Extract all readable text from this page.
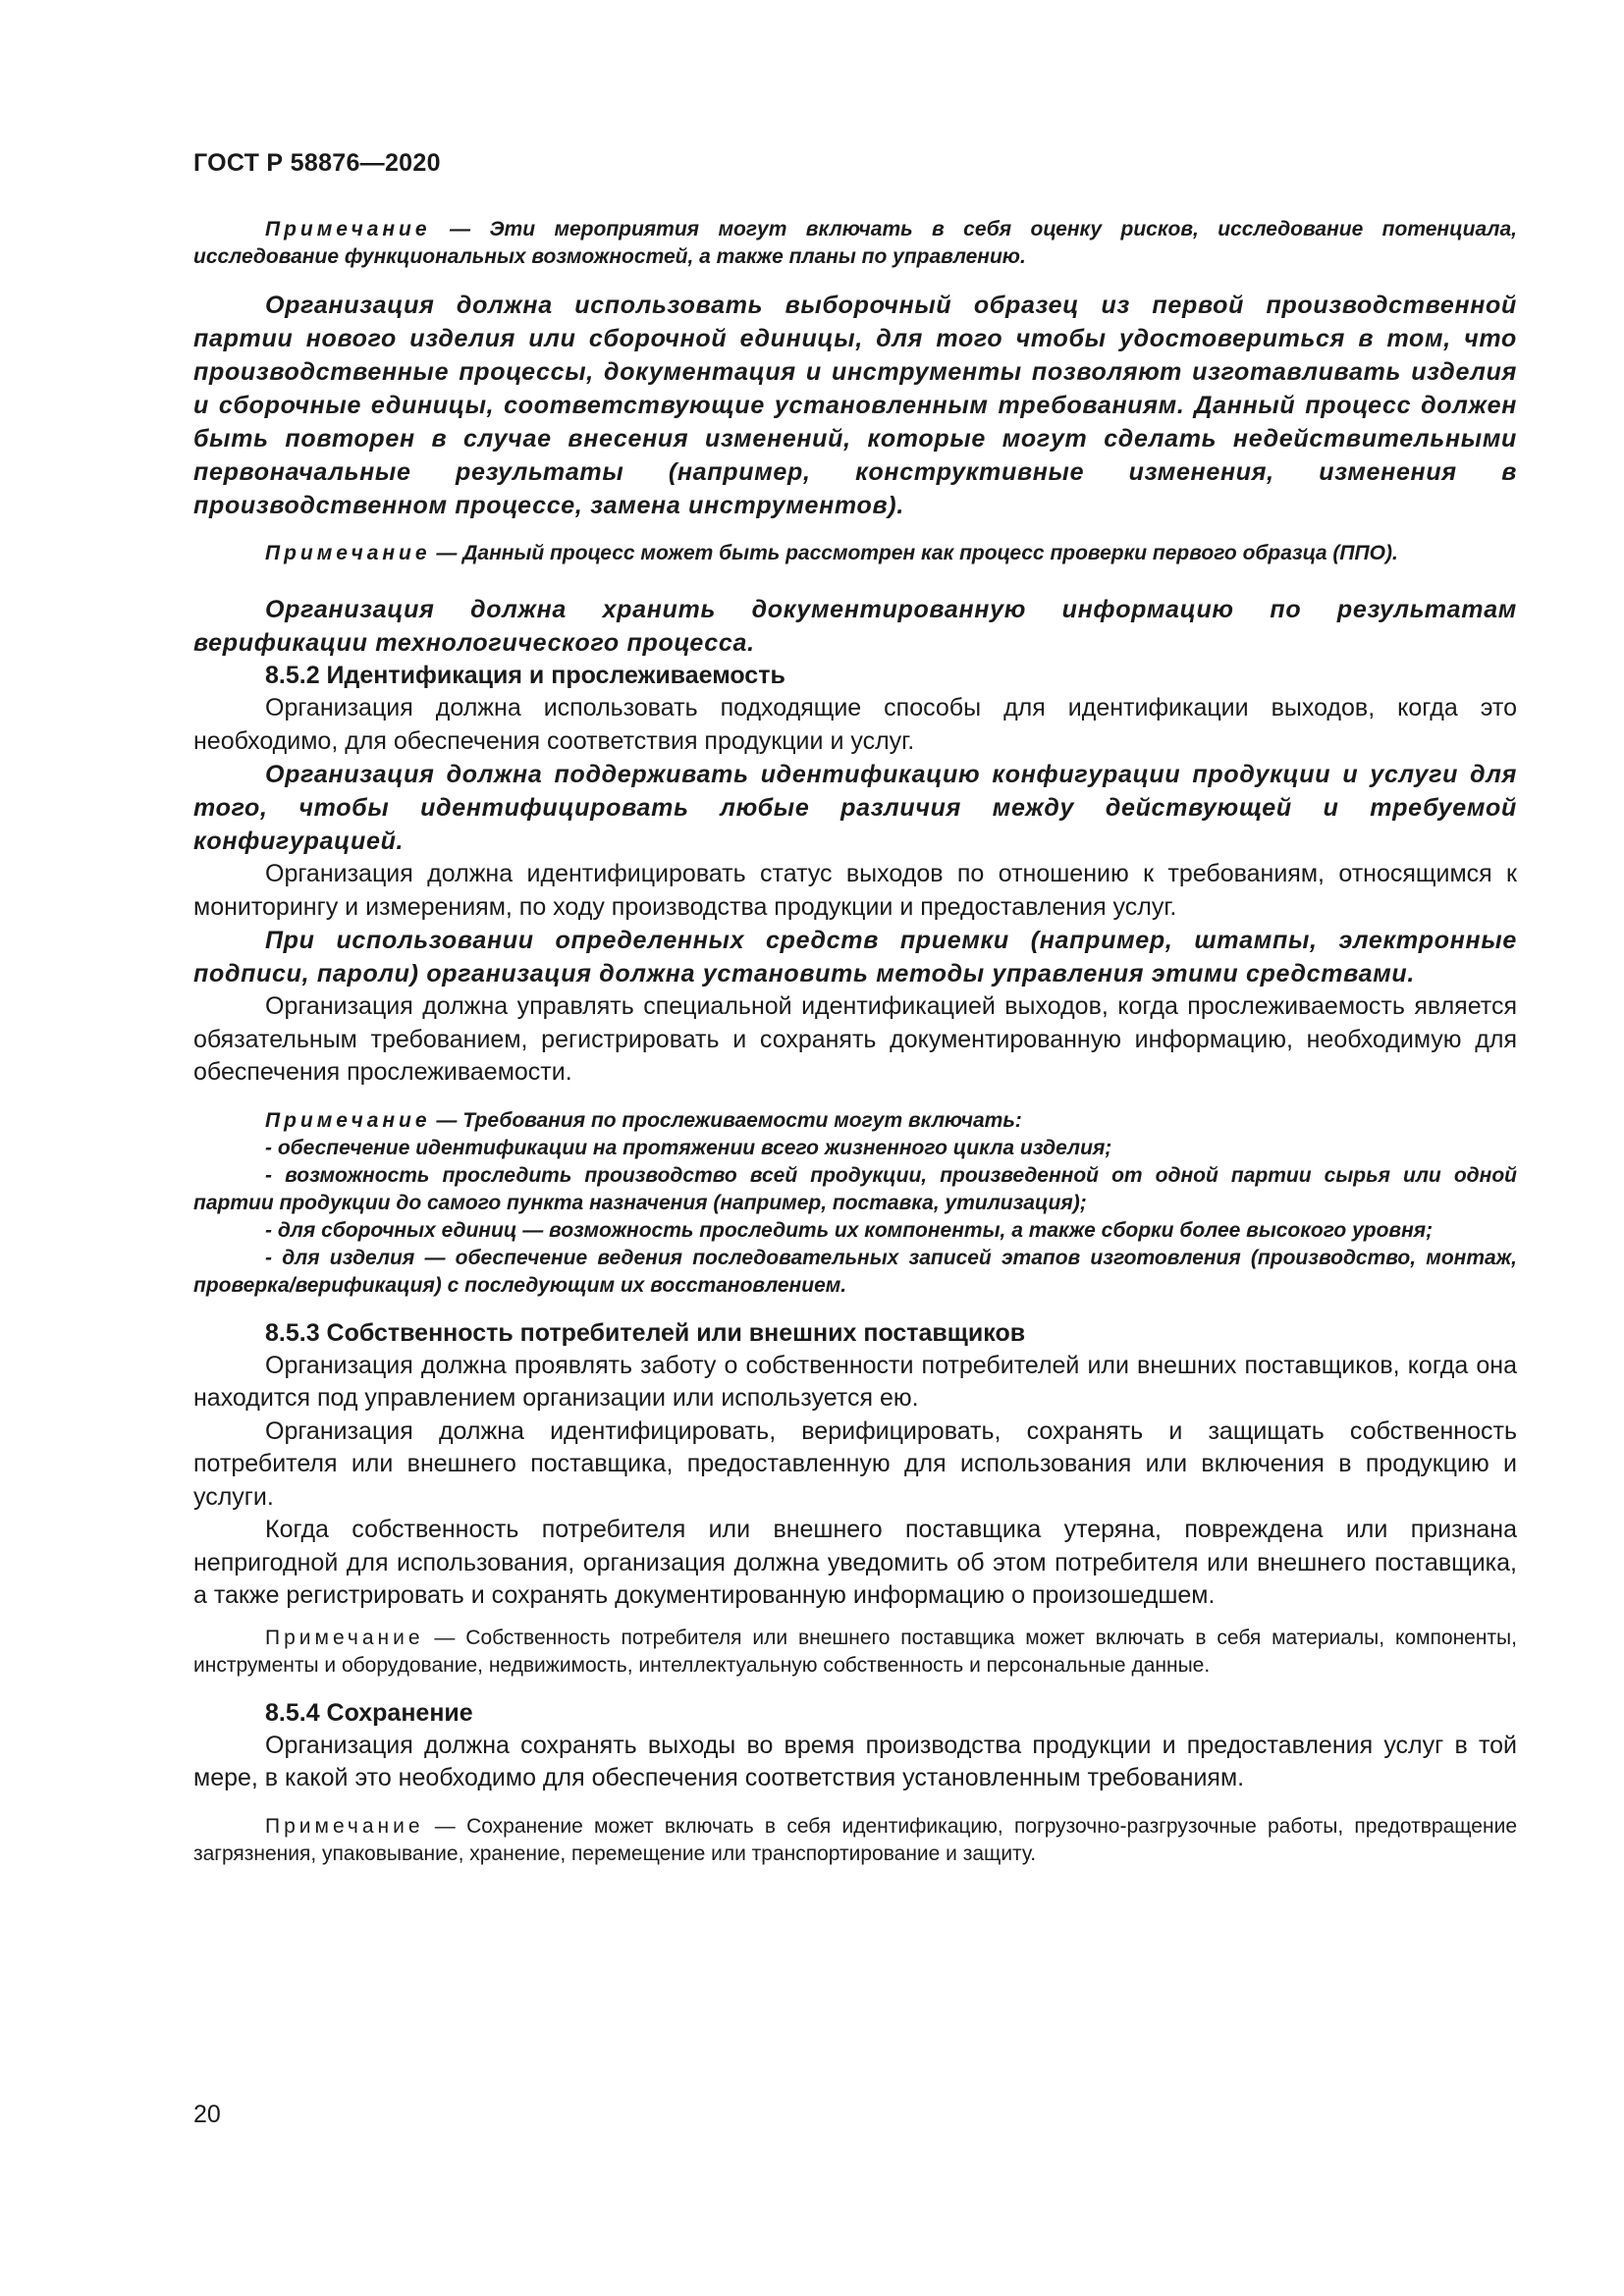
ГОСТ Р 58876—2020

Примечание — Эти мероприятия могут включать в себя оценку рисков, исследование потенциала, исследование функциональных возможностей, а также планы по управлению.

Организация должна использовать выборочный образец из первой производственной партии нового изделия или сборочной единицы, для того чтобы удостовериться в том, что производственные процессы, документация и инструменты позволяют изготавливать изделия и сборочные единицы, соответствующие установленным требованиям. Данный процесс должен быть повторен в случае внесения изменений, которые могут сделать недействительными первоначальные результаты (например, конструктивные изменения, изменения в производственном процессе, замена инструментов).

Примечание — Данный процесс может быть рассмотрен как процесс проверки первого образца (ППО).

Организация должна хранить документированную информацию по результатам верификации технологического процесса.

8.5.2 Идентификация и прослеживаемость

Организация должна использовать подходящие способы для идентификации выходов, когда это необходимо, для обеспечения соответствия продукции и услуг.

Организация должна поддерживать идентификацию конфигурации продукции и услуги для того, чтобы идентифицировать любые различия между действующей и требуемой конфигурацией.

Организация должна идентифицировать статус выходов по отношению к требованиям, относящимся к мониторингу и измерениям, по ходу производства продукции и предоставления услуг.

При использовании определенных средств приемки (например, штампы, электронные подписи, пароли) организация должна установить методы управления этими средствами.

Организация должна управлять специальной идентификацией выходов, когда прослеживаемость является обязательным требованием, регистрировать и сохранять документированную информацию, необходимую для обеспечения прослеживаемости.

Примечание — Требования по прослеживаемости могут включать:

- обеспечение идентификации на протяжении всего жизненного цикла изделия;

- возможность проследить производство всей продукции, произведенной от одной партии сырья или одной партии продукции до самого пункта назначения (например, поставка, утилизация);

- для сборочных единиц — возможность проследить их компоненты, а также сборки более высокого уровня;

- для изделия — обеспечение ведения последовательных записей этапов изготовления (производство, монтаж, проверка/верификация) с последующим их восстановлением.

8.5.3 Собственность потребителей или внешних поставщиков

Организация должна проявлять заботу о собственности потребителей или внешних поставщиков, когда она находится под управлением организации или используется ею.

Организация должна идентифицировать, верифицировать, сохранять и защищать собственность потребителя или внешнего поставщика, предоставленную для использования или включения в продукцию и услуги.

Когда собственность потребителя или внешнего поставщика утеряна, повреждена или признана непригодной для использования, организация должна уведомить об этом потребителя или внешнего поставщика, а также регистрировать и сохранять документированную информацию о произошедшем.

Примечание — Собственность потребителя или внешнего поставщика может включать в себя материалы, компоненты, инструменты и оборудование, недвижимость, интеллектуальную собственность и персональные данные.

8.5.4 Сохранение

Организация должна сохранять выходы во время производства продукции и предоставления услуг в той мере, в какой это необходимо для обеспечения соответствия установленным требованиям.

Примечание — Сохранение может включать в себя идентификацию, погрузочно-разгрузочные работы, предотвращение загрязнения, упаковывание, хранение, перемещение или транспортирование и защиту.

20
